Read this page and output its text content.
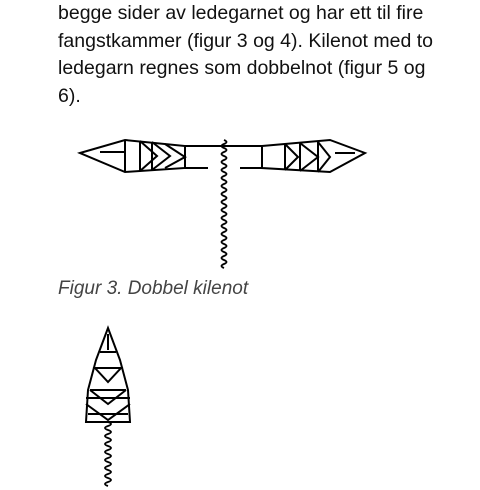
begge sider av ledegarnet og har ett til fire
fangstkammer (figur 3 og 4). Kilenot med to
ledegarn regnes som dobbelnot (figur 5 og
6).

Figur 3. Dobbel kilenot
